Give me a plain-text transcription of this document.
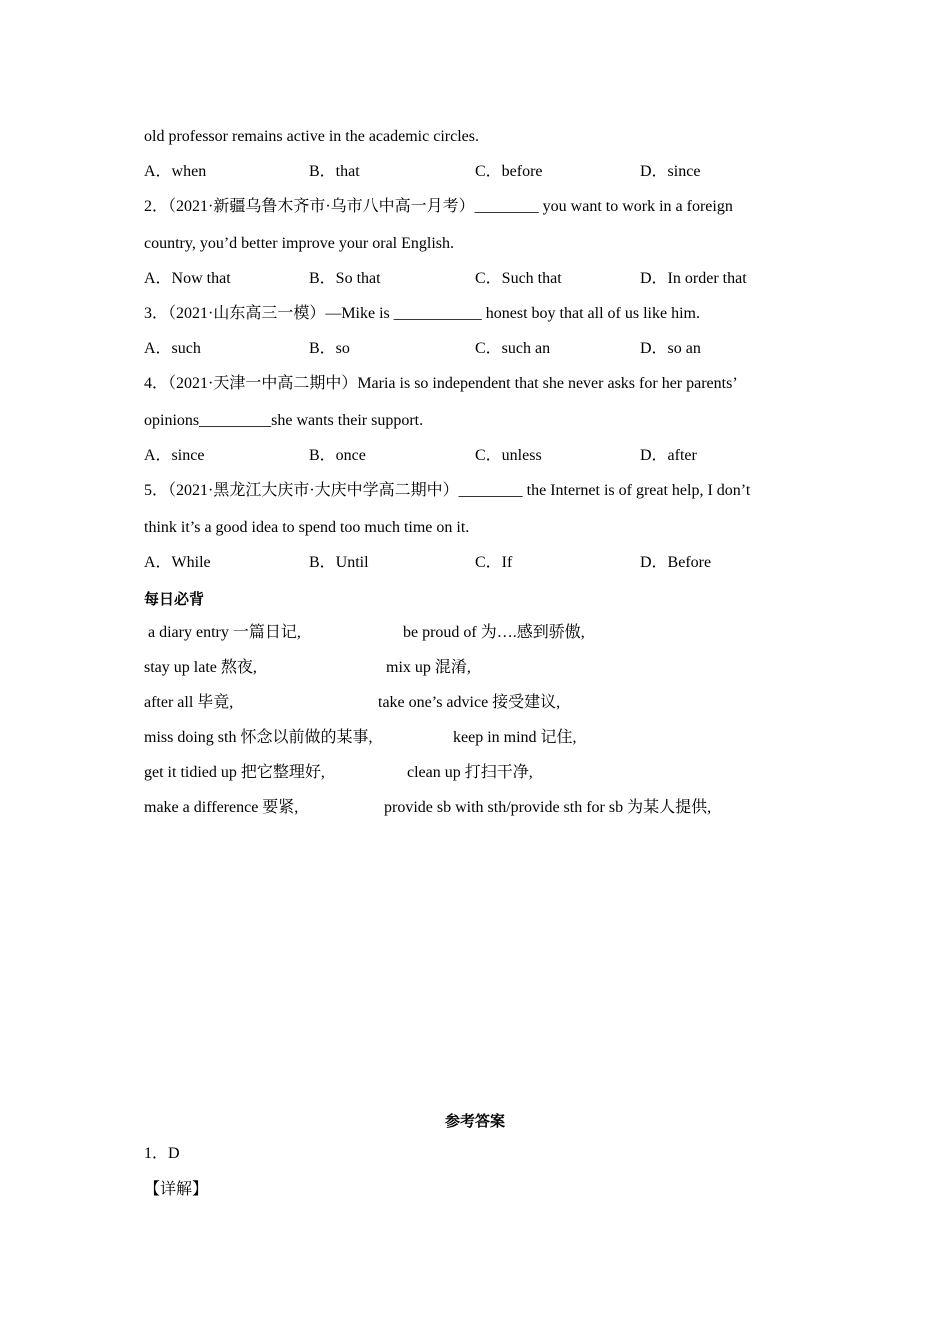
old professor remains active in the academic circles.
A．when	B．that	C．before	D．since
2．（2021·新疆乌鲁木齐市·乌市八中高一月考）________ you want to work in a foreign
country, you’d better improve your oral English.
A．Now that	B．So that	C．Such that	D．In order that
3．（2021·山东高三一模）—Mike is ___________ honest boy that all of us like him.
A．such	B．so	C．such an	D．so an
4．（2021·天津一中高二期中）Maria is so independent that she never asks for her parents’
opinions_________she wants their support.
A．since	B．once	C．unless	D．after
5．（2021·黑龙江大庆市·大庆中学高二期中）________ the Internet is of great help, I don’t
think it’s a good idea to spend too much time on it.
A．While	B．Until	C．If	D．Before
每日必背
a diary entry 一篇日记,	be proud of 为….感到骄傲,
stay up late 熬夜,	mix up 混淆,
after all 毕竟,	take one’s advice 接受建议,
miss doing sth 怀念以前做的某事,	keep in mind 记住,
get it tidied up 把它整理好,	clean up 打扫干净,
make a difference 要紧,	provide sb with sth/provide sth for sb 为某人提供,
参考答案
1．D
【详解】
